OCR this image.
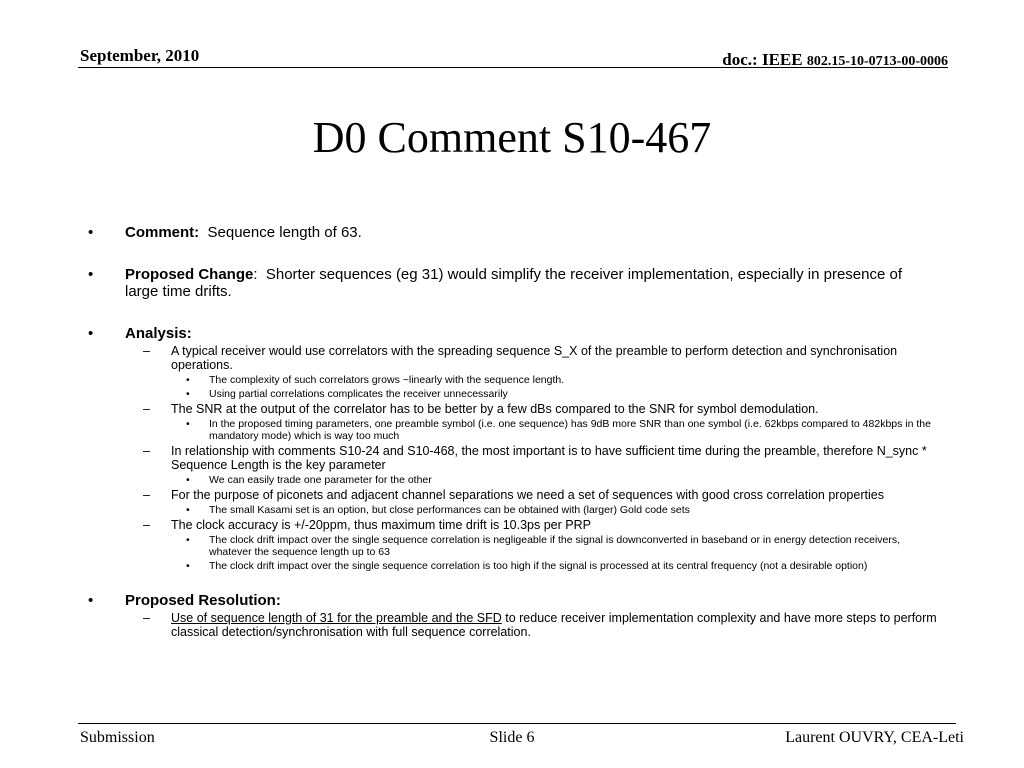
September, 2010	doc.: IEEE 802.15-10-0713-00-0006
D0 Comment S10-467
• Comment:  Sequence length of 63.
• Proposed Change:  Shorter sequences (eg 31) would simplify the receiver implementation, especially in presence of large time drifts.
• Analysis:
– A typical receiver would use correlators with the spreading sequence S_X of the preamble to perform detection and synchronisation operations.
• The complexity of such correlators grows ~linearly with the sequence length.
• Using partial correlations complicates the receiver unnecessarily
– The SNR at the output of the correlator has to be better by a few dBs compared to the SNR for symbol demodulation.
• In the proposed timing parameters, one preamble symbol (i.e. one sequence) has 9dB more SNR than one symbol (i.e. 62kbps compared to 482kbps in the mandatory mode) which is way too much
– In relationship with comments S10-24 and S10-468, the most important is to have sufficient time during the preamble, therefore N_sync * Sequence Length is the key parameter
• We can easily trade one parameter for the other
– For the purpose of piconets and adjacent channel separations we need a set of sequences with good cross correlation properties
• The small Kasami set is an option, but close performances can be obtained with (larger) Gold code sets
– The clock accuracy is +/-20ppm, thus maximum time drift is 10.3ps per PRP
• The clock drift impact over the single sequence correlation is negligeable if the signal is downconverted in baseband or in energy detection receivers, whatever the sequence length up to 63
• The clock drift impact over the single sequence correlation is too high if the signal is processed at its central frequency (not a desirable option)
• Proposed Resolution:
– Use of sequence length of 31 for the preamble and the SFD to reduce receiver implementation complexity and have more steps to perform classical detection/synchronisation with full sequence correlation.
Submission	Slide 6	Laurent OUVRY, CEA-Leti
